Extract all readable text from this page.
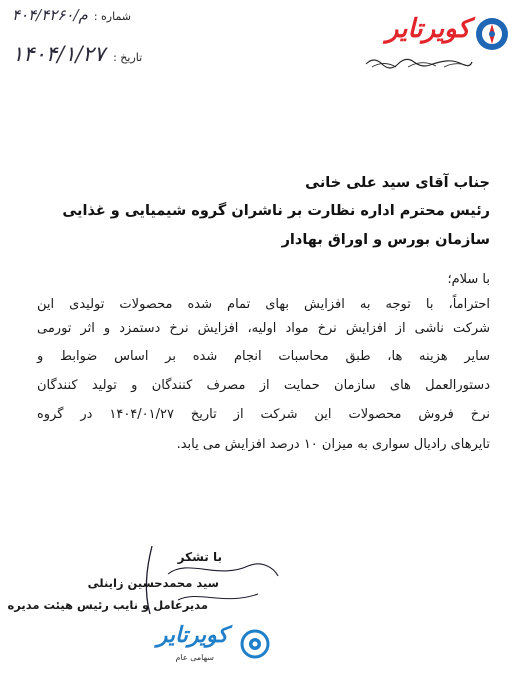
۴۰۴/م/۴۲۶۰ شماره :
۱۴۰۴/۱/۲۷ تاریخ :
کویرتایر
جناب آقای سید علی خانی
رئیس محترم اداره نظارت بر ناشران گروه شیمیایی و غذایی
سازمان بورس و اوراق بهادار
با سلام؛
احتراماً، با توجه به افزایش بهای تمام شده محصولات تولیدی این
شرکت ناشی از افزایش نرخ مواد اولیه، افزایش نرخ دستمزد و اثر تورمی
سایر هزینه ها، طبق محاسبات انجام شده بر اساس ضوابط و
دستورالعمل های سازمان حمایت از مصرف کنندگان و تولید کنندگان
نرخ فروش محصولات این شرکت از تاریخ ۱۴۰۴/۰۱/۲۷ در گروه
تایرهای رادیال سواری به میزان ۱۰ درصد افزایش می یابد.
با تشکر
سید محمدحسین زاینلی
مدیرعامل و نایب رئیس هیئت مدیره
کویرتایر
سهامی عام
